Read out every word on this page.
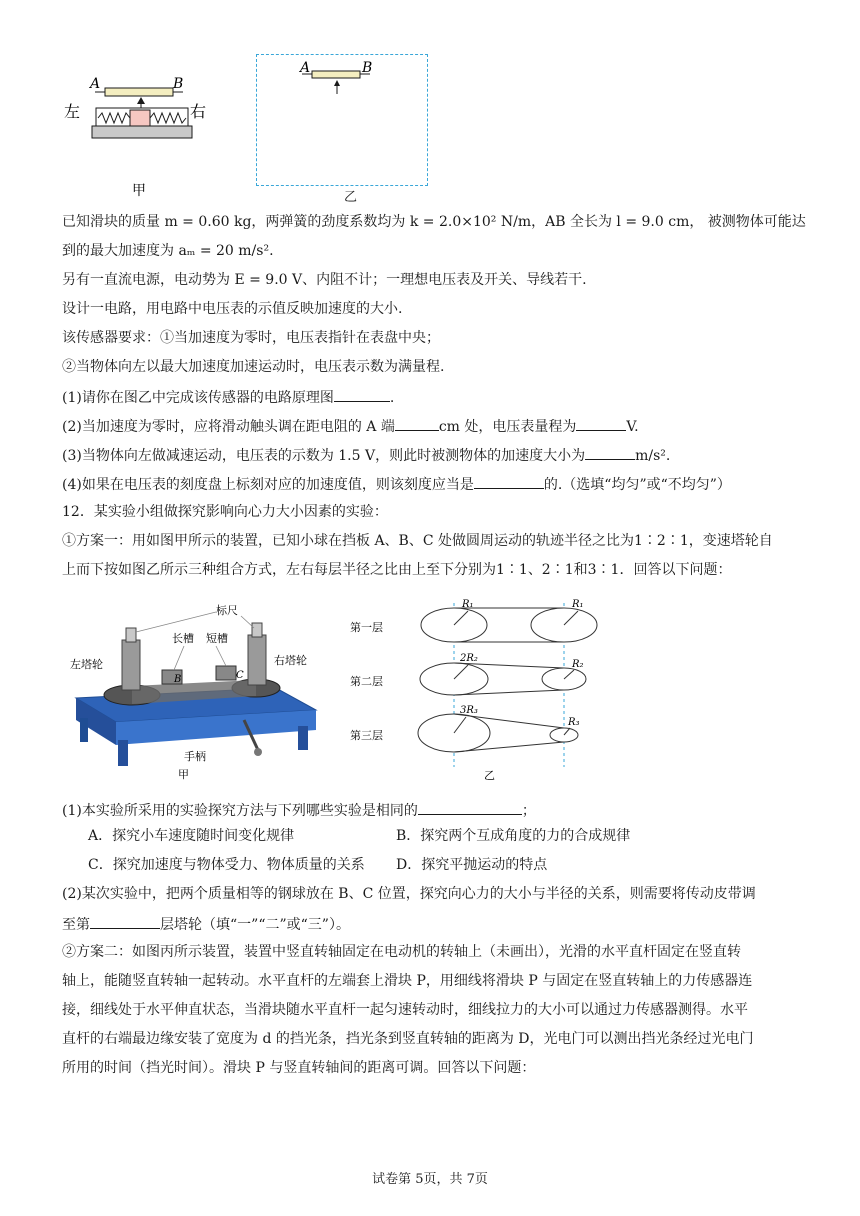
A	B
左	右
甲
A	B
乙
已知滑块的质量 m = 0.60 kg，两弹簧的劲度系数均为 k = 2.0×10² N/m，AB 全长为 l = 9.0 cm， 被测物体可能达
到的最大加速度为 aₘ = 20 m/s².
另有一直流电源，电动势为 E = 9.0 V、内阻不计；一理想电压表及开关、导线若干.
设计一电路，用电路中电压表的示值反映加速度的大小.
该传感器要求：①当加速度为零时，电压表指针在表盘中央；
②当物体向左以最大加速度加速运动时，电压表示数为满量程.
(1)请你在图乙中完成该传感器的电路原理图	.
(2)当加速度为零时，应将滑动触头调在距电阻的 A 端	cm 处，电压表量程为	V.
(3)当物体向左做减速运动，电压表的示数为 1.5 V，则此时被测物体的加速度大小为	m/s².
(4)如果在电压表的刻度盘上标刻对应的加速度值，则该刻度应当是	的.（选填“均匀”或“不均匀”）
12．某实验小组做探究影响向心力大小因素的实验：
①方案一：用如图甲所示的装置，已知小球在挡板 A、B、C 处做圆周运动的轨迹半径之比为1∶2∶1，变速塔轮自
上而下按如图乙所示三种组合方式，左右每层半径之比由上至下分别为1∶1、2∶1和3∶1．回答以下问题：
标尺
长槽 短槽
左塔轮	右塔轮
A B	C
手柄
甲
第一层
R₁	R₁
第二层
2R₂
R₂
第三层
3R₃
R₃
乙
(1)本实验所采用的实验探究方法与下列哪些实验是相同的	；
A．探究小车速度随时间变化规律	B．探究两个互成角度的力的合成规律
C．探究加速度与物体受力、物体质量的关系 D．探究平抛运动的特点
(2)某次实验中，把两个质量相等的钢球放在 B、C 位置，探究向心力的大小与半径的关系，则需要将传动皮带调
至第	层塔轮（填“一”“二”或“三”）。
②方案二：如图丙所示装置，装置中竖直转轴固定在电动机的转轴上（未画出），光滑的水平直杆固定在竖直转
轴上，能随竖直转轴一起转动。水平直杆的左端套上滑块 P，用细线将滑块 P 与固定在竖直转轴上的力传感器连
接，细线处于水平伸直状态，当滑块随水平直杆一起匀速转动时，细线拉力的大小可以通过力传感器测得。水平
直杆的右端最边缘安装了宽度为 d 的挡光条，挡光条到竖直转轴的距离为 D，光电门可以测出挡光条经过光电门
所用的时间（挡光时间）。滑块 P 与竖直转轴间的距离可调。回答以下问题：
试卷第 5页，共 7页
